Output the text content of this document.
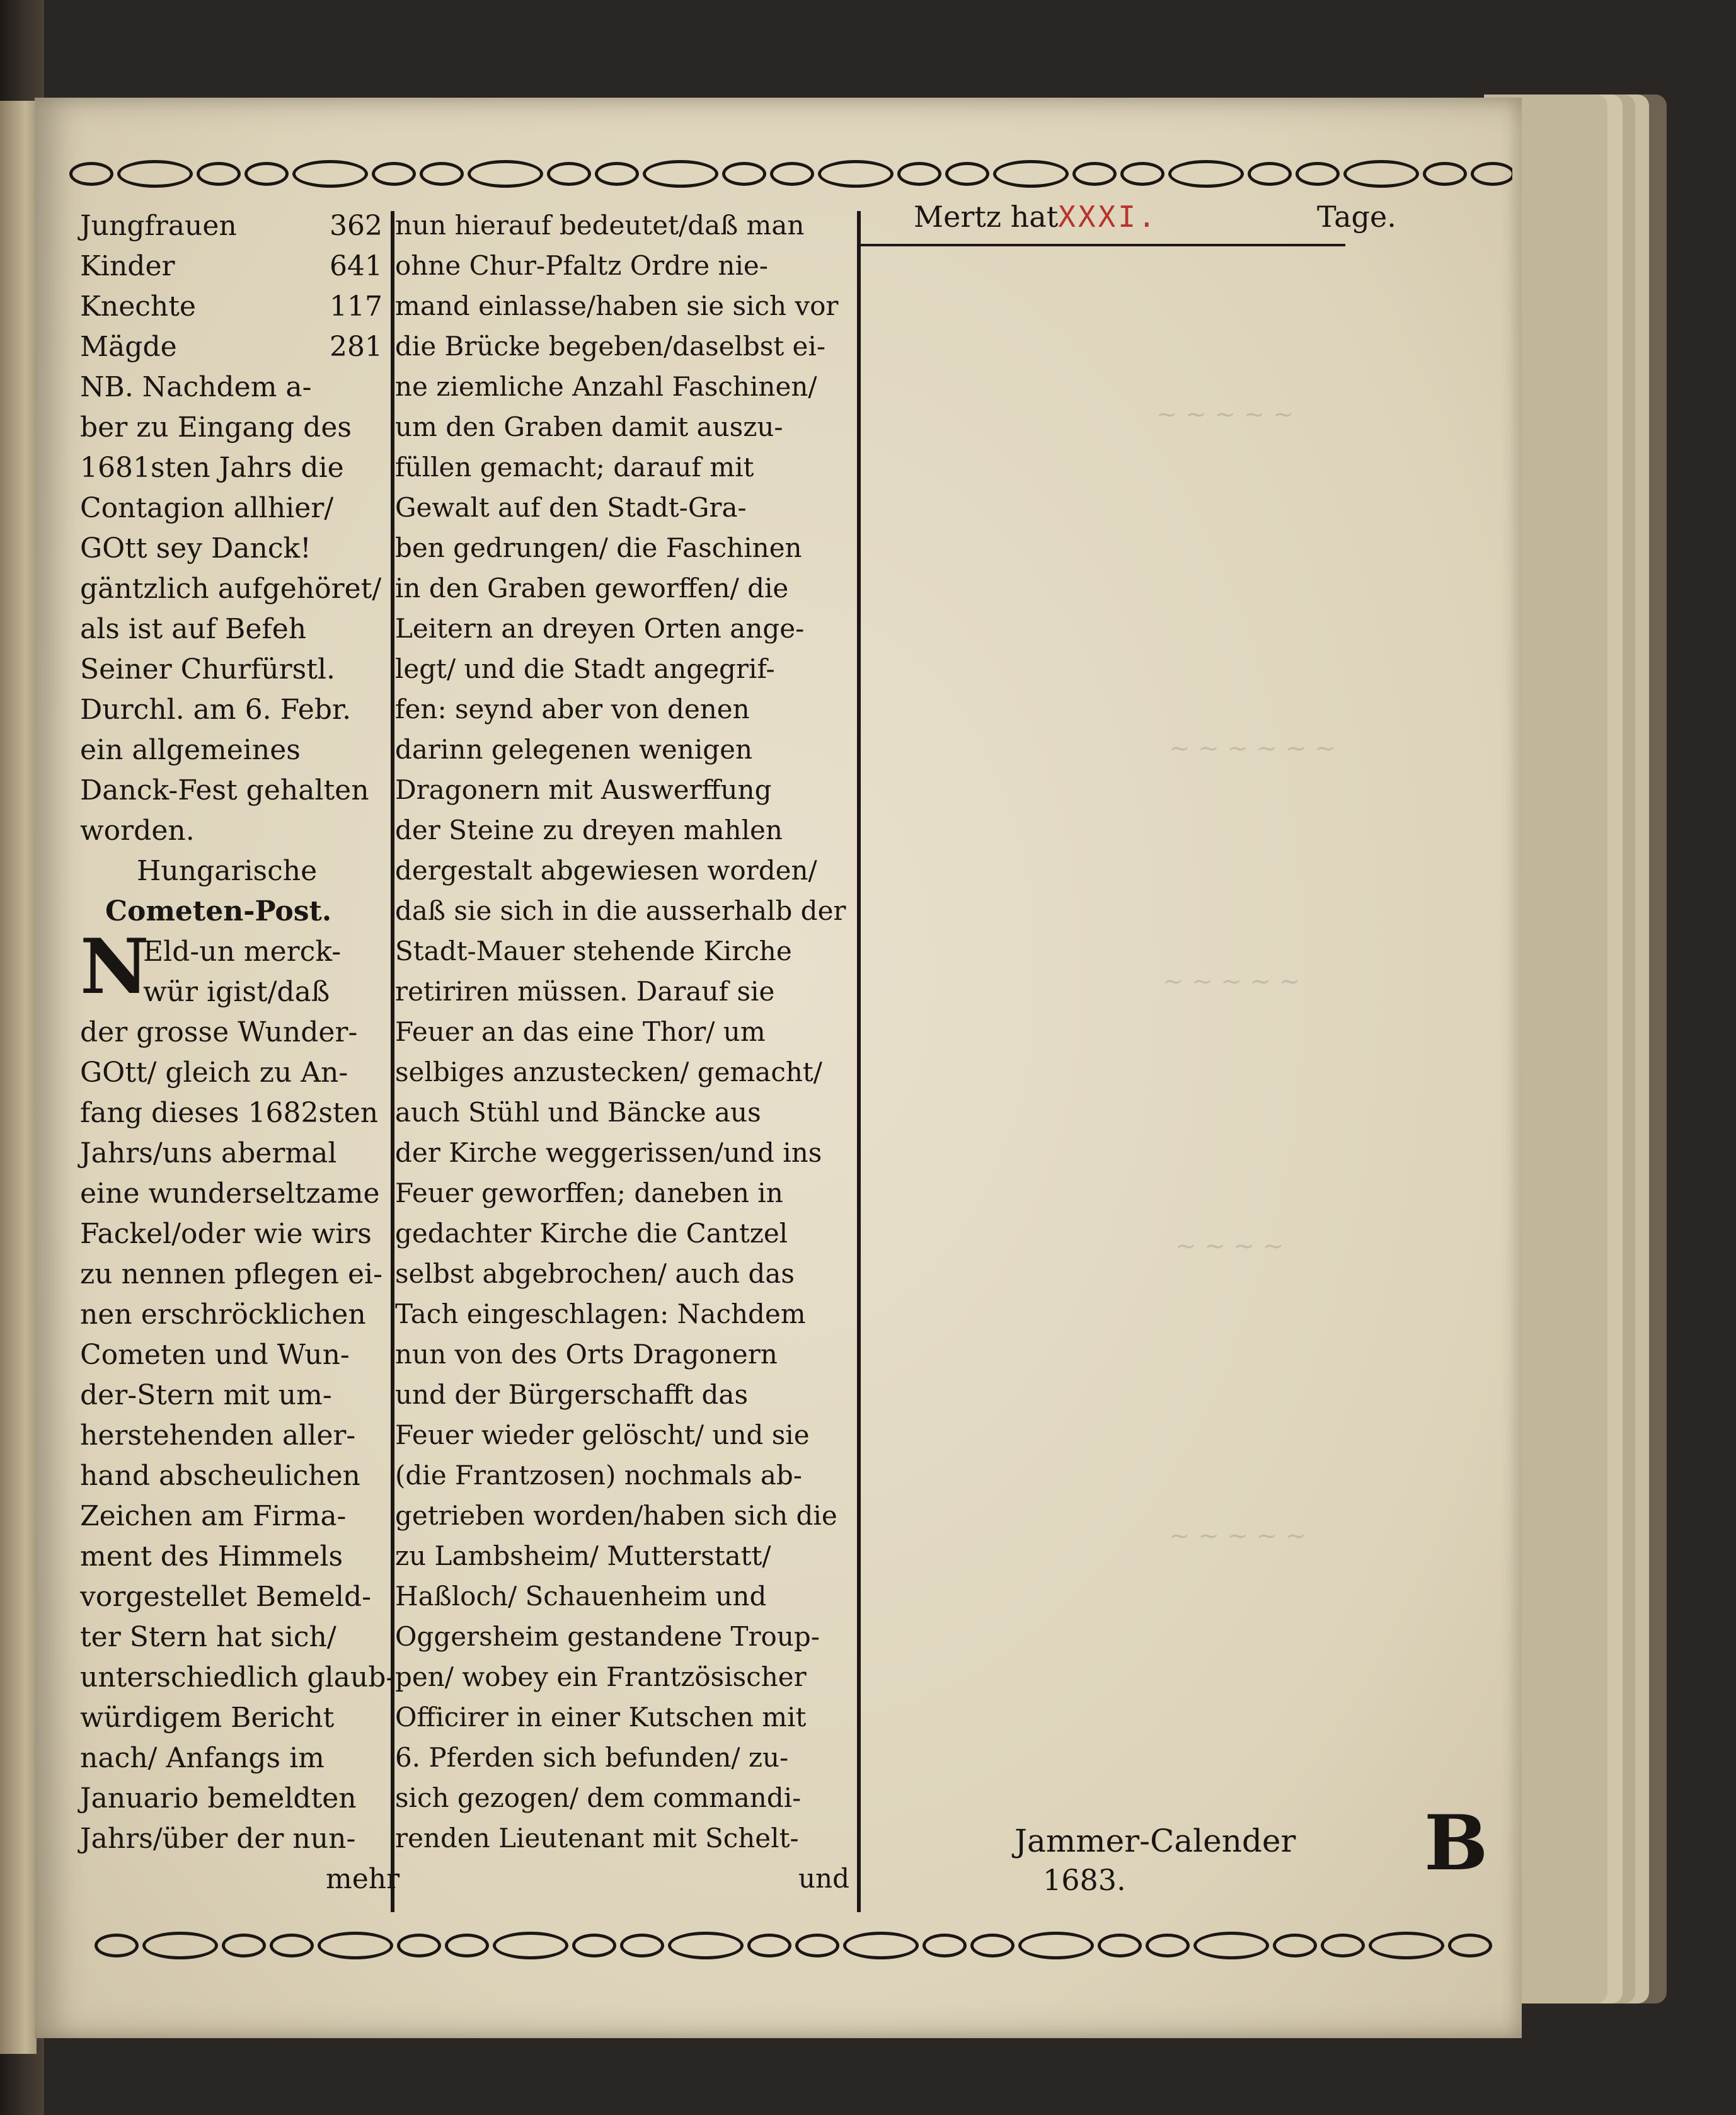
~ ~ ~ ~ ~
~ ~ ~ ~ ~ ~
~ ~ ~ ~ ~
~ ~ ~ ~
~ ~ ~ ~ ~
Jungfrauen	362
Kinder	641
Knechte	117
Mägde	281
NB. Nachdem a-
ber zu Eingang des
1681sten Jahrs die
Contagion allhier/
GOtt sey Danck!
gäntzlich aufgehöret/
als ist auf Befeh
Seiner Churfürstl.
Durchl. am 6. Febr.
ein allgemeines
Danck-Fest gehalten
worden.
Hungarische
Cometen-Post.
N
Eld-un merck-
wür igist/daß
der grosse Wunder-
GOtt/ gleich zu An-
fang dieses 1682sten
Jahrs/uns abermal
eine wunderseltzame
Fackel/oder wie wirs
zu nennen pflegen ei-
nen erschröcklichen
Cometen und Wun-
der-Stern mit um-
herstehenden aller-
hand abscheulichen
Zeichen am Firma-
ment des Himmels
vorgestellet Bemeld-
ter Stern hat sich/
unterschiedlich glaub-
würdigem Bericht
nach/ Anfangs im
Januario bemeldten
Jahrs/über der nun-
mehr
nun hierauf bedeutet/daß man
ohne Chur-Pfaltz Ordre nie-
mand einlasse/haben sie sich vor
die Brücke begeben/daselbst ei-
ne ziemliche Anzahl Faschinen/
um den Graben damit auszu-
füllen gemacht; darauf mit
Gewalt auf den Stadt-Gra-
ben gedrungen/ die Faschinen
in den Graben geworffen/ die
Leitern an dreyen Orten ange-
legt/ und die Stadt angegrif-
fen: seynd aber von denen
darinn gelegenen wenigen
Dragonern mit Auswerffung
der Steine zu dreyen mahlen
dergestalt abgewiesen worden/
daß sie sich in die ausserhalb der
Stadt-Mauer stehende Kirche
retiriren müssen. Darauf sie
Feuer an das eine Thor/ um
selbiges anzustecken/ gemacht/
auch Stühl und Bäncke aus
der Kirche weggerissen/und ins
Feuer geworffen; daneben in
gedachter Kirche die Cantzel
selbst abgebrochen/ auch das
Tach eingeschlagen: Nachdem
nun von des Orts Dragonern
und der Bürgerschafft das
Feuer wieder gelöscht/ und sie
(die Frantzosen) nochmals ab-
getrieben worden/haben sich die
zu Lambsheim/ Mutterstatt/
Haßloch/ Schauenheim und
Oggersheim gestandene Troup-
pen/ wobey ein Frantzösischer
Officirer in einer Kutschen mit
6. Pferden sich befunden/ zu-
sich gezogen/ dem commandi-
renden Lieutenant mit Schelt-
und
Mertz hatXXXI.	Tage.
Jammer-Calender
1683.	B
